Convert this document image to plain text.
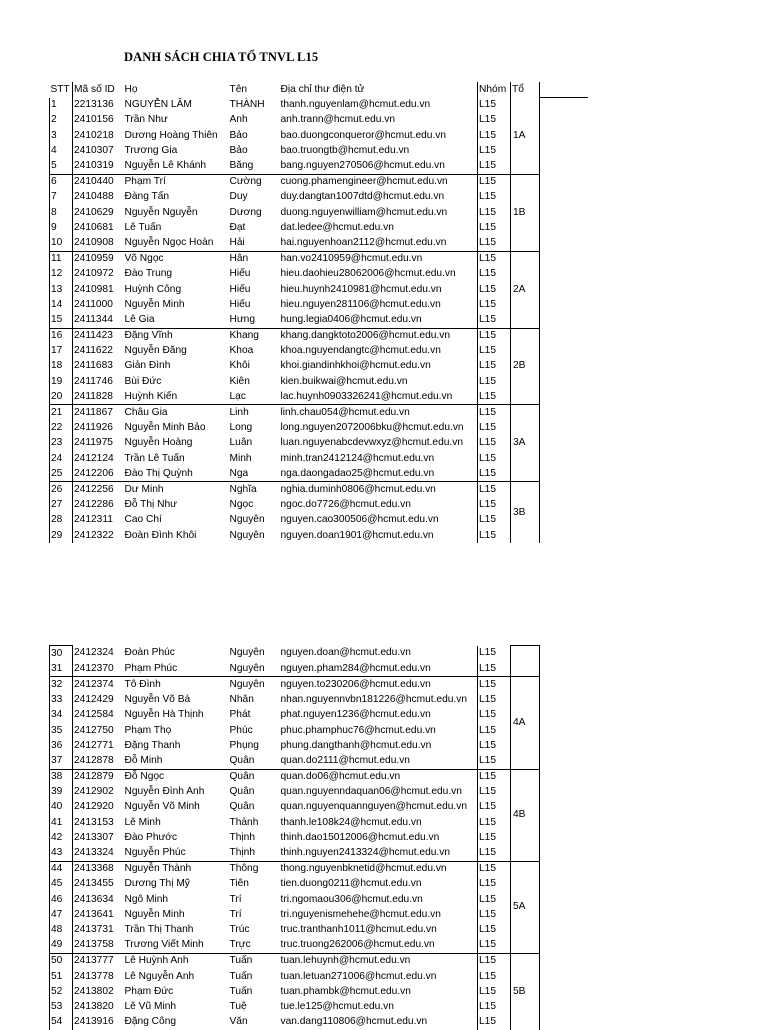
DANH SÁCH CHIA TỔ TNVL L15
STT	Mã số ID	Họ	Tên	Địa chỉ thư điện tử	Nhóm	Tổ	
1	2213136	NGUYỄN LÂM	THÀNH	thanh.nguyenlam@hcmut.edu.vn	L15	1A	
2	2410156	Trần Như	Anh	anh.trann@hcmut.edu.vn	L15		
3	2410218	Dương Hoàng Thiên	Bảo	bao.duongconqueror@hcmut.edu.vn	L15		
4	2410307	Trương Gia	Bảo	bao.truongtb@hcmut.edu.vn	L15		
5	2410319	Nguyễn Lê Khánh	Băng	bang.nguyen270506@hcmut.edu.vn	L15		
6	2410440	Phạm Trí	Cường	cuong.phamengineer@hcmut.edu.vn	L15	1B	
7	2410488	Đàng Tấn	Duy	duy.dangtan1007dtd@hcmut.edu.vn	L15		
8	2410629	Nguyễn Nguyễn	Dương	duong.nguyenwilliam@hcmut.edu.vn	L15		
9	2410681	Lê Tuấn	Đạt	dat.ledee@hcmut.edu.vn	L15		
10	2410908	Nguyễn Ngọc Hoàn	Hải	hai.nguyenhoan2112@hcmut.edu.vn	L15		
11	2410959	Võ Ngọc	Hân	han.vo2410959@hcmut.edu.vn	L15	2A	
12	2410972	Đào Trung	Hiếu	hieu.daohieu28062006@hcmut.edu.vn	L15		
13	2410981	Huỳnh Công	Hiếu	hieu.huynh2410981@hcmut.edu.vn	L15		
14	2411000	Nguyễn Minh	Hiếu	hieu.nguyen281106@hcmut.edu.vn	L15		
15	2411344	Lê Gia	Hưng	hung.legia0406@hcmut.edu.vn	L15		
16	2411423	Đặng Vĩnh	Khang	khang.dangktoto2006@hcmut.edu.vn	L15	2B	
17	2411622	Nguyễn Đăng	Khoa	khoa.nguyendangtc@hcmut.edu.vn	L15		
18	2411683	Giản Đình	Khôi	khoi.giandinhkhoi@hcmut.edu.vn	L15		
19	2411746	Bùi Đức	Kiên	kien.buikwai@hcmut.edu.vn	L15		
20	2411828	Huỳnh Kiến	Lạc	lac.huynh0903326241@hcmut.edu.vn	L15		
21	2411867	Châu Gia	Linh	linh.chau054@hcmut.edu.vn	L15	3A	
22	2411926	Nguyễn Minh Bảo	Long	long.nguyen2072006bku@hcmut.edu.vn	L15		
23	2411975	Nguyễn Hoàng	Luân	luan.nguyenabcdevwxyz@hcmut.edu.vn	L15		
24	2412124	Trần Lê Tuấn	Minh	minh.tran2412124@hcmut.edu.vn	L15		
25	2412206	Đào Thị Quỳnh	Nga	nga.daongadao25@hcmut.edu.vn	L15		
26	2412256	Dư Minh	Nghĩa	nghia.duminh0806@hcmut.edu.vn	L15	3B	
27	2412286	Đỗ Thị Như	Ngọc	ngoc.do7726@hcmut.edu.vn	L15		
28	2412311	Cao Chí	Nguyên	nguyen.cao300506@hcmut.edu.vn	L15		
29	2412322	Đoàn Đình Khôi	Nguyên	nguyen.doan1901@hcmut.edu.vn	L15		
30	2412324	Đoàn Phúc	Nguyên	nguyen.doan@hcmut.edu.vn	L15	
31	2412370	Phạm Phúc	Nguyên	nguyen.pham284@hcmut.edu.vn	L15	
32	2412374	Tô Đình	Nguyên	nguyen.to230206@hcmut.edu.vn	L15	4A
33	2412429	Nguyễn Võ Bá	Nhân	nhan.nguyennvbn181226@hcmut.edu.vn	L15	
34	2412584	Nguyễn Hà Thịnh	Phát	phat.nguyen1236@hcmut.edu.vn	L15	
35	2412750	Phạm Thọ	Phúc	phuc.phamphuc76@hcmut.edu.vn	L15	
36	2412771	Đặng Thanh	Phụng	phung.dangthanh@hcmut.edu.vn	L15	
37	2412878	Đỗ Minh	Quân	quan.do2111@hcmut.edu.vn	L15	
38	2412879	Đỗ Ngọc	Quân	quan.do06@hcmut.edu.vn	L15	4B
39	2412902	Nguyễn Đình Anh	Quân	quan.nguyenndaquan06@hcmut.edu.vn	L15	
40	2412920	Nguyễn Võ Minh	Quân	quan.nguyenquannguyen@hcmut.edu.vn	L15	
41	2413153	Lê Minh	Thành	thanh.le108k24@hcmut.edu.vn	L15	
42	2413307	Đào Phước	Thịnh	thinh.dao15012006@hcmut.edu.vn	L15	
43	2413324	Nguyễn Phúc	Thịnh	thinh.nguyen2413324@hcmut.edu.vn	L15	
44	2413368	Nguyễn Thành	Thông	thong.nguyenbknetid@hcmut.edu.vn	L15	5A
45	2413455	Dương Thị Mỹ	Tiên	tien.duong0211@hcmut.edu.vn	L15	
46	2413634	Ngô Minh	Trí	tri.ngomaou306@hcmut.edu.vn	L15	
47	2413641	Nguyễn Minh	Trí	tri.nguyenismehehe@hcmut.edu.vn	L15	
48	2413731	Trần Thị Thanh	Trúc	truc.tranthanh1011@hcmut.edu.vn	L15	
49	2413758	Trương Viết Minh	Trực	truc.truong262006@hcmut.edu.vn	L15	
50	2413777	Lê Huỳnh Anh	Tuấn	tuan.lehuynh@hcmut.edu.vn	L15	5B
51	2413778	Lê Nguyễn Anh	Tuấn	tuan.letuan271006@hcmut.edu.vn	L15	
52	2413802	Phạm Đức	Tuấn	tuan.phambk@hcmut.edu.vn	L15	
53	2413820	Lê Vũ Minh	Tuệ	tue.le125@hcmut.edu.vn	L15	
54	2413916	Đặng Công	Văn	van.dang110806@hcmut.edu.vn	L15	
